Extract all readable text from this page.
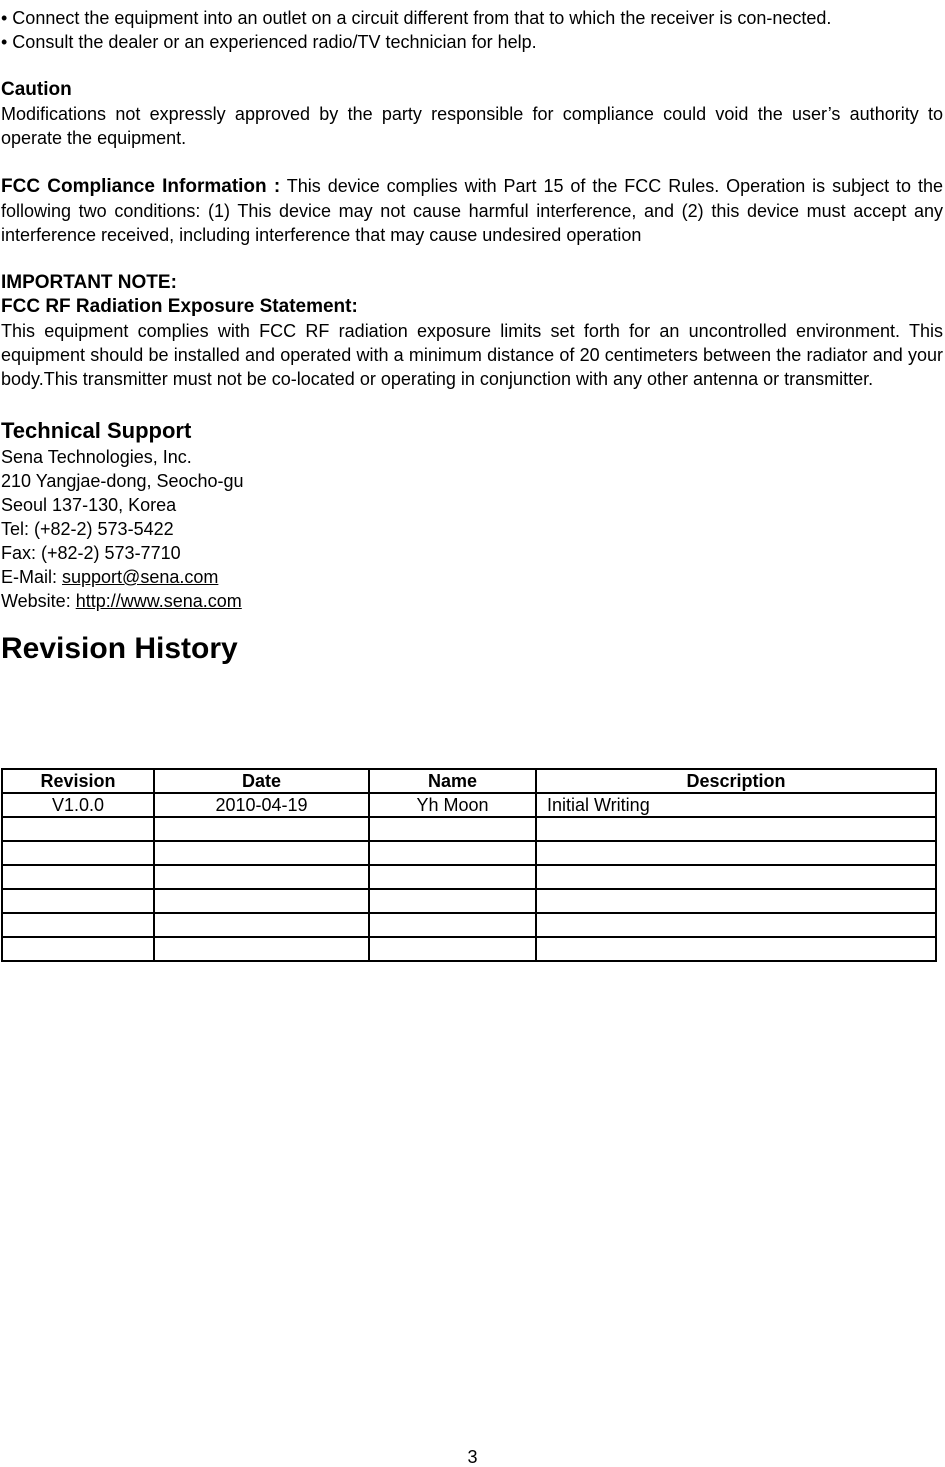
• Connect the equipment into an outlet on a circuit different from that to which the receiver is con-nected.
• Consult the dealer or an experienced radio/TV technician for help.

Caution

Modifications not expressly approved by the party responsible for compliance could void the user’s authority to operate the equipment.

FCC Compliance Information : This device complies with Part 15 of the FCC Rules. Operation is subject to the following two conditions: (1) This device may not cause harmful interference, and (2) this device must accept any interference received, including interference that may cause undesired operation

IMPORTANT NOTE:

FCC RF Radiation Exposure Statement:

This equipment complies with FCC RF radiation exposure limits set forth for an uncontrolled environment. This equipment should be installed and operated with a minimum distance of 20 centimeters between the radiator and your body.This transmitter must not be co-located or operating in conjunction with any other antenna or transmitter.

Technical Support

Sena Technologies, Inc.
210 Yangjae-dong, Seocho-gu
Seoul 137-130, Korea
Tel: (+82-2) 573-5422
Fax: (+82-2) 573-7710
E-Mail: support@sena.com
Website: http://www.sena.com

Revision History

Revision	Date	Name	Description
V1.0.0	2010-04-19	Yh Moon	Initial Writing

3
